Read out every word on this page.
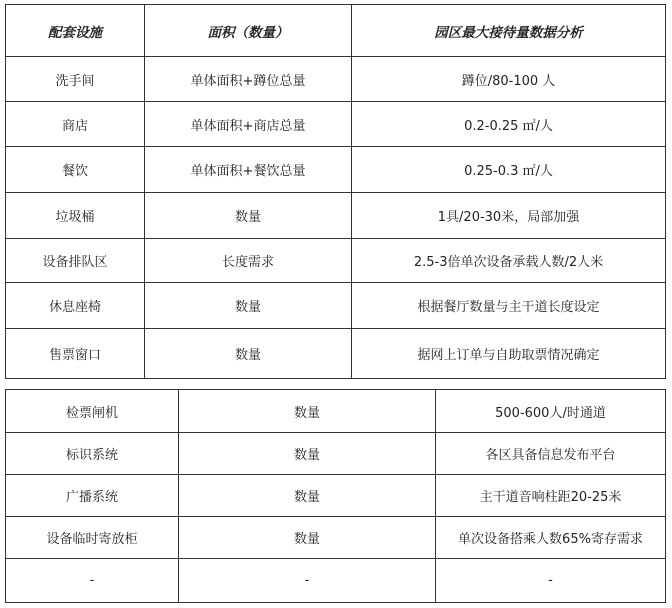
配套设施	面积（数量）	园区最大接待量数据分析
洗手间	单体面积+蹲位总量	蹲位/80-100 人
商店	单体面积+商店总量	0.2-0.25 ㎡/人
餐饮	单体面积+餐饮总量	0.25-0.3 ㎡/人
垃圾桶	数量	1具/20-30米，局部加强
设备排队区	长度需求	2.5-3倍单次设备承载人数/2人米
休息座椅	数量	根据餐厅数量与主干道长度设定
售票窗口	数量	据网上订单与自助取票情况确定
检票闸机	数量	500-600人/时通道
标识系统	数量	各区具备信息发布平台
广播系统	数量	主干道音响柱距20-25米
设备临时寄放柜	数量	单次设备搭乘人数65%寄存需求
-	-	-
